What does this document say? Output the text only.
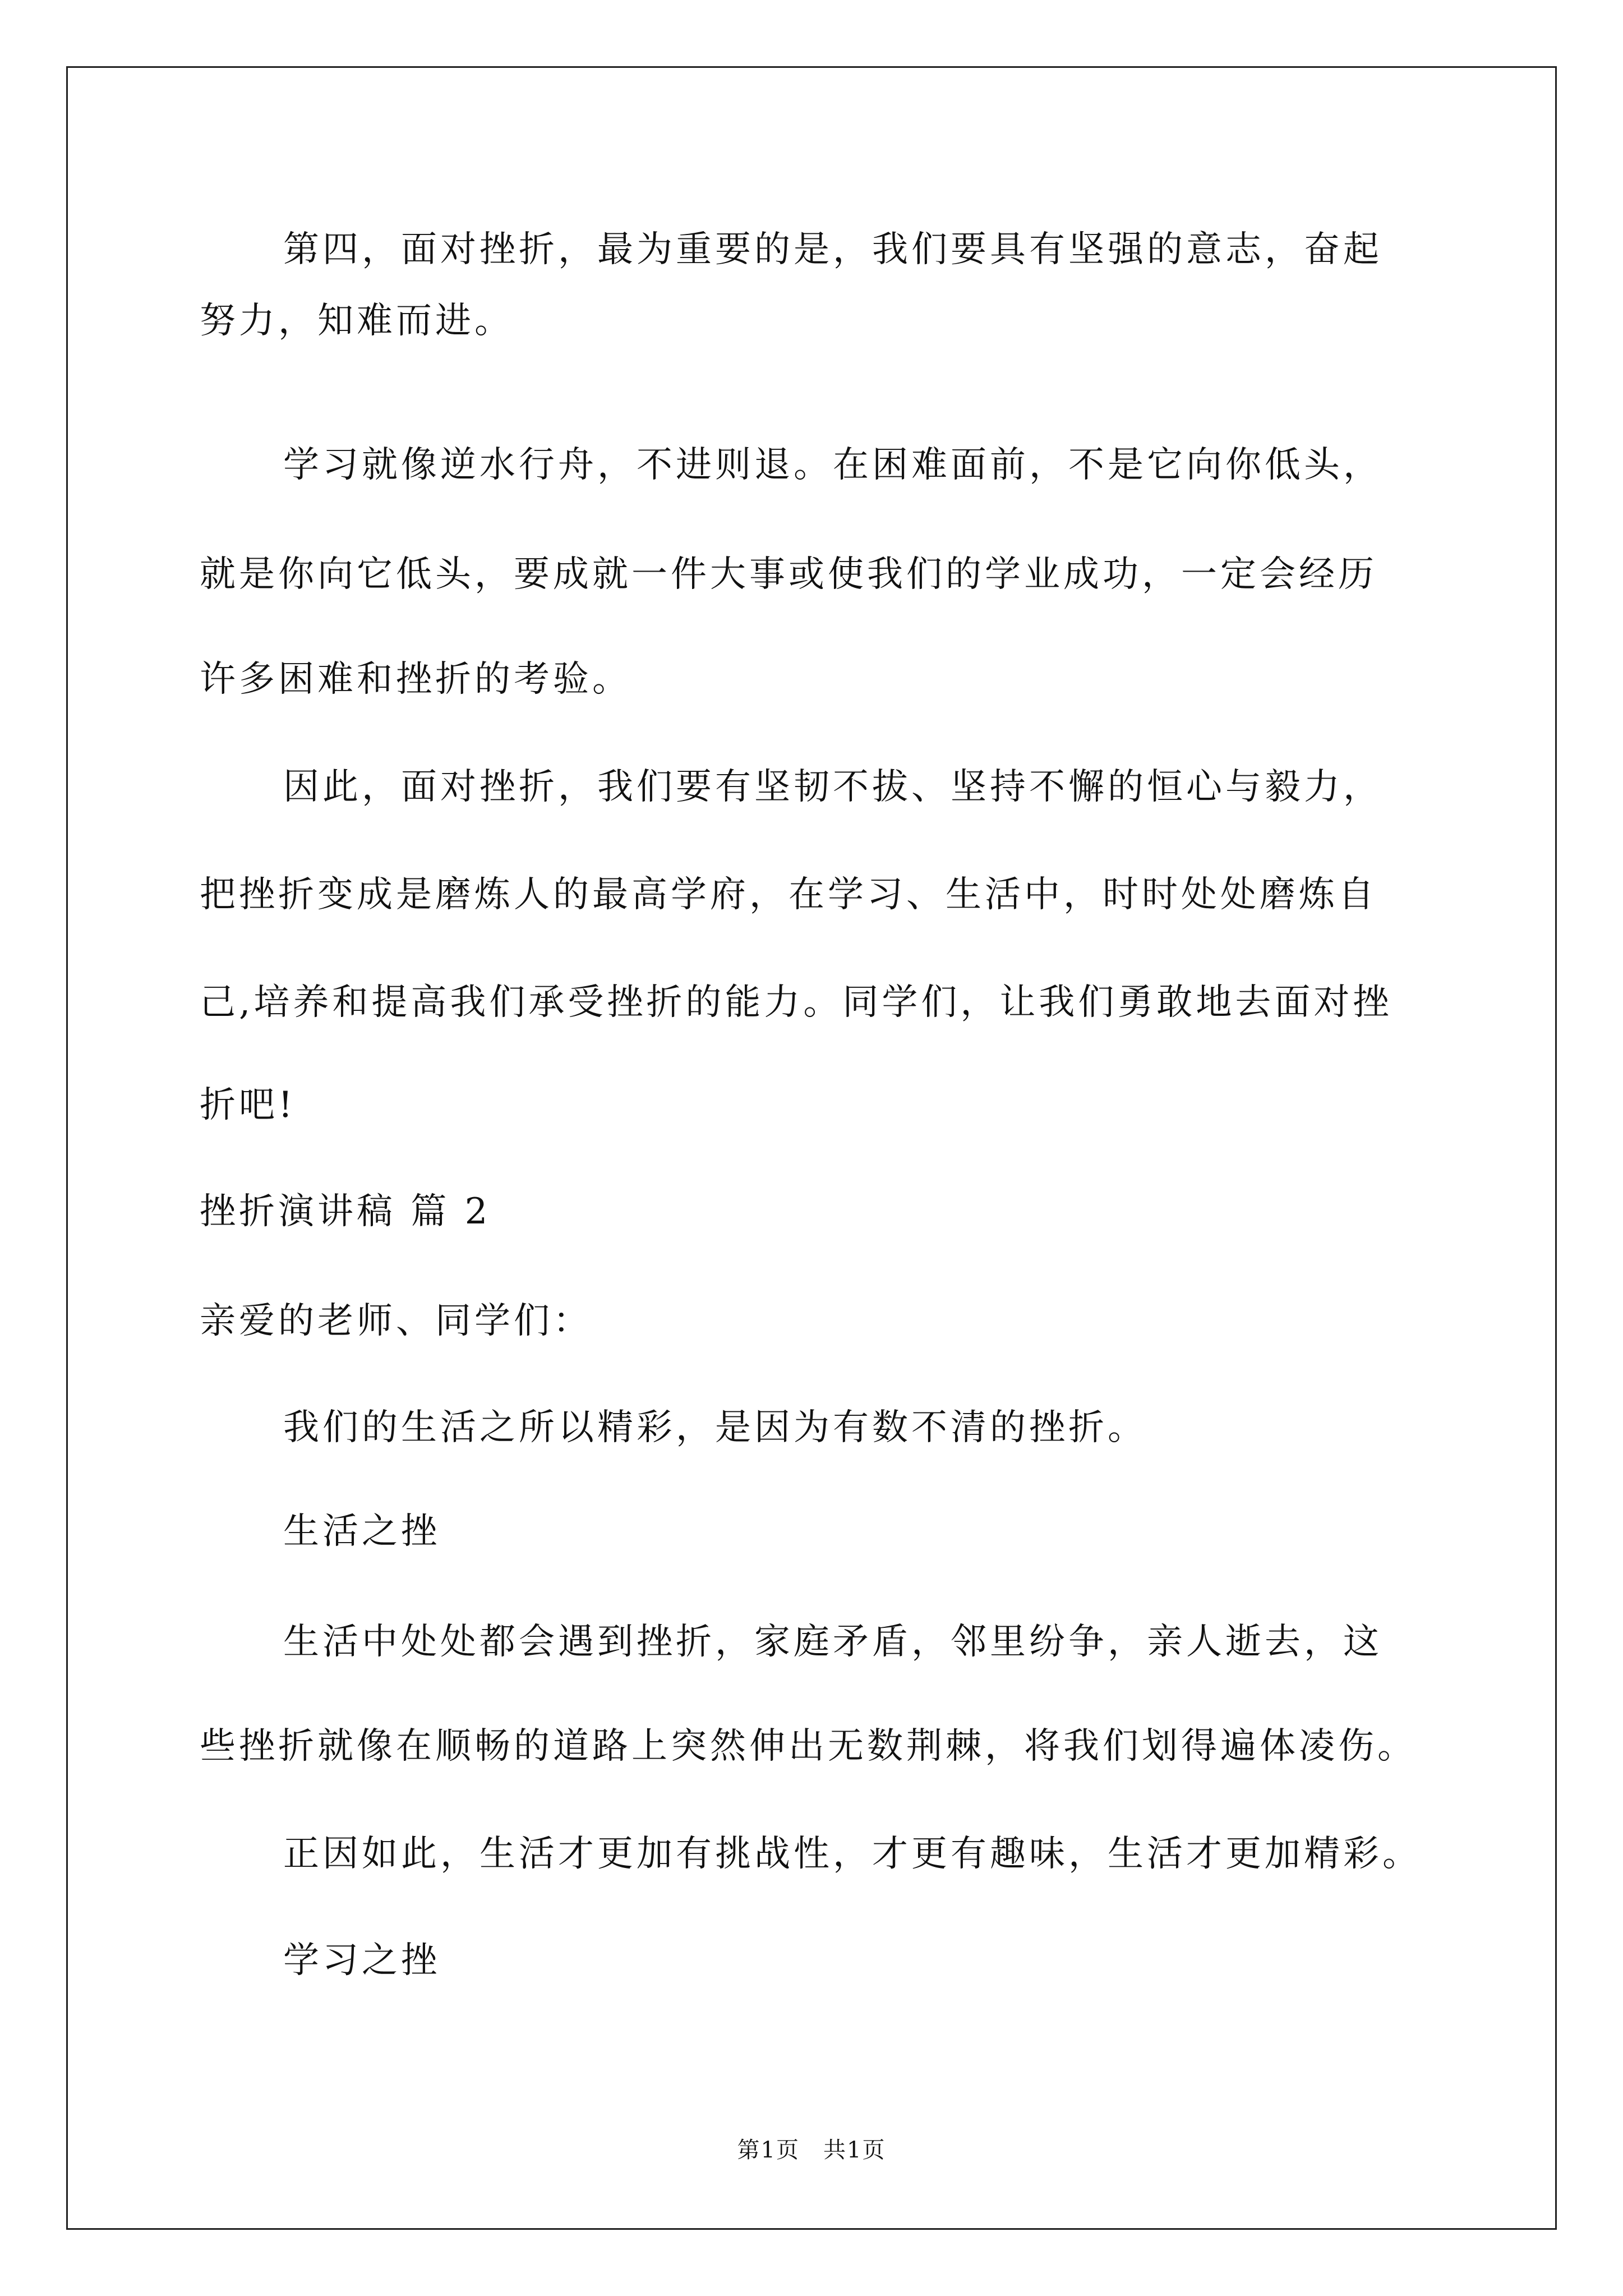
第四，面对挫折，最为重要的是，我们要具有坚强的意志，奋起
努力，知难而进。
学习就像逆水行舟，不进则退。在困难面前，不是它向你低头，
就是你向它低头，要成就一件大事或使我们的学业成功，一定会经历
许多困难和挫折的考验。
因此，面对挫折，我们要有坚韧不拔、坚持不懈的恒心与毅力，
把挫折变成是磨炼人的最高学府，在学习、生活中，时时处处磨炼自
己,培养和提高我们承受挫折的能力。同学们，让我们勇敢地去面对挫
折吧!
挫折演讲稿 篇 2
亲爱的老师、同学们：
我们的生活之所以精彩，是因为有数不清的挫折。
生活之挫
生活中处处都会遇到挫折，家庭矛盾，邻里纷争，亲人逝去，这
些挫折就像在顺畅的道路上突然伸出无数荆棘，将我们划得遍体凌伤。
正因如此，生活才更加有挑战性，才更有趣味，生活才更加精彩。
学习之挫
第1页　共1页
